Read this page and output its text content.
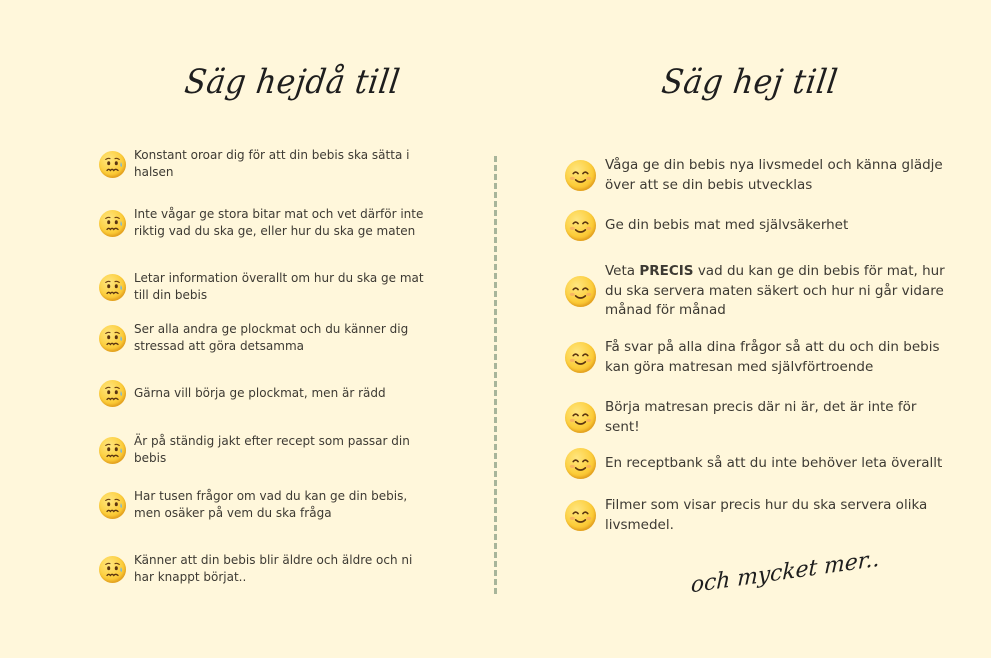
Säg hejdå till	Säg hej till
Konstant oroar dig för att din bebis ska sätta i halsen
Inte vågar ge stora bitar mat och vet därför inte riktig vad du ska ge, eller hur du ska ge maten
Letar information överallt om hur du ska ge mat till din bebis
Ser alla andra ge plockmat och du känner dig stressad att göra detsamma
Gärna vill börja ge plockmat, men är rädd
Är på ständig jakt efter recept som passar din bebis
Har tusen frågor om vad du kan ge din bebis, men osäker på vem du ska fråga
Känner att din bebis blir äldre och äldre och ni har knappt börjat..
Våga ge din bebis nya livsmedel och känna glädje över att se din bebis utvecklas
Ge din bebis mat med självsäkerhet
Veta PRECIS vad du kan ge din bebis för mat, hur du ska servera maten säkert och hur ni går vidare månad för månad
Få svar på alla dina frågor så att du och din bebis kan göra matresan med självförtroende
Börja matresan precis där ni är, det är inte för sent!
En receptbank så att du inte behöver leta överallt
Filmer som visar precis hur du ska servera olika livsmedel.
och mycket mer..
